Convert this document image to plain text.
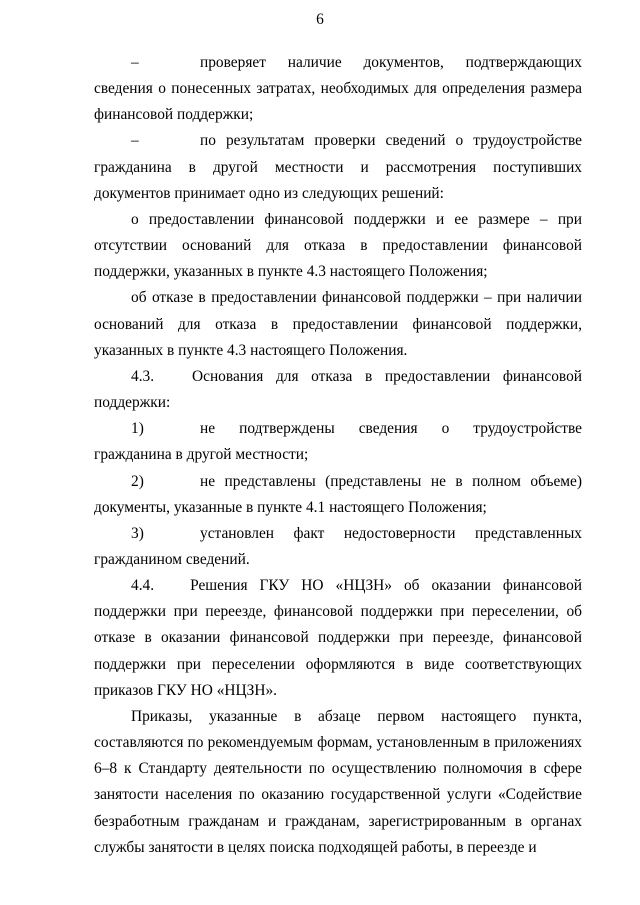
6

–	проверяет наличие документов, подтверждающих сведения о понесенных затратах, необходимых для определения размера финансовой поддержки;

–	по результатам проверки сведений о трудоустройстве гражданина в другой местности и рассмотрения поступивших документов принимает одно из следующих решений:

о предоставлении финансовой поддержки и ее размере – при отсутствии оснований для отказа в предоставлении финансовой поддержки, указанных в пункте 4.3 настоящего Положения;

об отказе в предоставлении финансовой поддержки – при наличии оснований для отказа в предоставлении финансовой поддержки, указанных в пункте 4.3 настоящего Положения.

4.3. Основания для отказа в предоставлении финансовой поддержки:

1)	не подтверждены сведения о трудоустройстве гражданина в другой местности;

2)	не представлены (представлены не в полном объеме) документы, указанные в пункте 4.1 настоящего Положения;

3)	установлен факт недостоверности представленных гражданином сведений.

4.4. Решения ГКУ НО «НЦЗН» об оказании финансовой поддержки при переезде, финансовой поддержки при переселении, об отказе в оказании финансовой поддержки при переезде, финансовой поддержки при переселении оформляются в виде соответствующих приказов ГКУ НО «НЦЗН».

Приказы, указанные в абзаце первом настоящего пункта, составляются по рекомендуемым формам, установленным в приложениях 6–8 к Стандарту деятельности по осуществлению полномочия в сфере занятости населения по оказанию государственной услуги «Содействие безработным гражданам и гражданам, зарегистрированным в органах службы занятости в целях поиска подходящей работы, в переезде и
